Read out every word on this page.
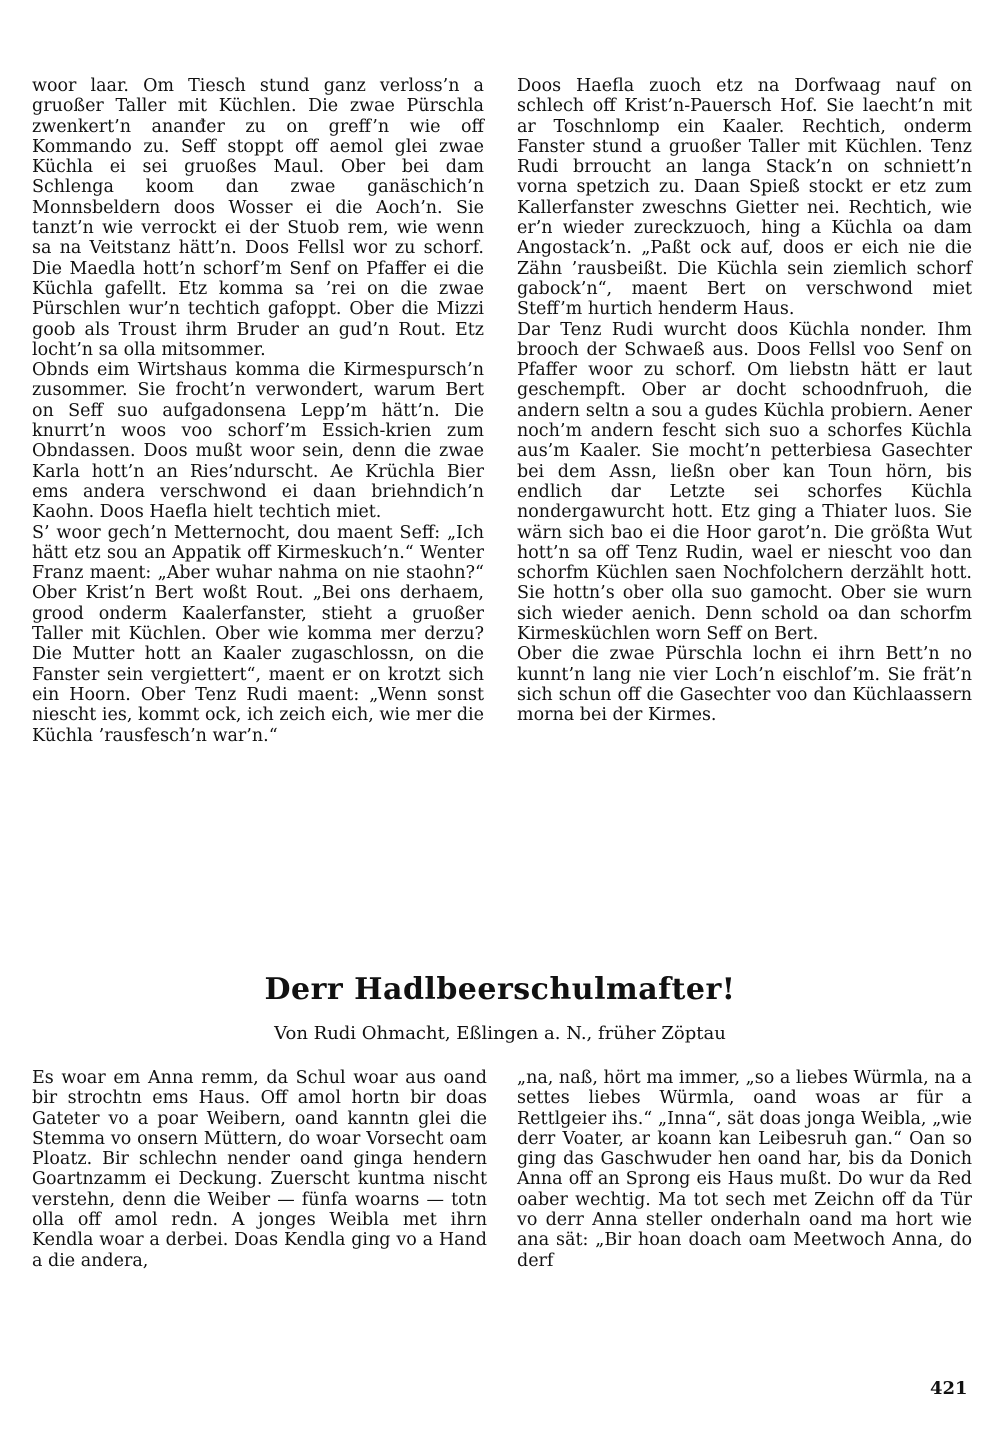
woor laar. Om Tiesch stund ganz verloss’n a gruoßer Taller mit Küchlen. Die zwae Pürschla zwenkert’n ananđer zu on greff’n wie off Kommando zu. Seff stoppt off aemol glei zwae Küchla ei sei gruoßes Maul. Ober bei dam Schlenga koom dan zwae ganäschich’n Monnsbeldern doos Wosser ei die Aoch’n. Sie tanzt’n wie verrockt ei der Stuob rem, wie wenn sa na Veitstanz hätt’n. Doos Fellsl wor zu schorf. Die Maedla hott’n schorf’m Senf on Pfaffer ei die Küchla gafellt. Etz komma sa ’rei on die zwae Pürschlen wur’n techtich gafoppt. Ober die Mizzi goob als Troust ihrm Bruder an gud’n Rout. Etz locht’n sa olla mitsommer.

Obnds eim Wirtshaus komma die Kirmespursch’n zusommer. Sie frocht’n verwondert, warum Bert on Seff suo aufgadonsena Lepp’m hätt’n. Die knurrt’n woos voo schorf’m Essich-krien zum Obndassen. Doos mußt woor sein, denn die zwae Karla hott’n an Ries’ndurscht. Ae Krüchla Bier ems andera verschwond ei daan briehndich’n Kaohn. Doos Haefla hielt techtich miet.

S’ woor gech’n Metternocht, dou maent Seff: „Ich hätt etz sou an Appatik off Kirmeskuch’n.“ Wenter Franz maent: „Aber wuhar nahma on nie staohn?“ Ober Krist’n Bert woßt Rout. „Bei ons derhaem, grood onderm Kaalerfanster, stieht a gruoßer Taller mit Küchlen. Ober wie komma mer derzu? Die Mutter hott an Kaaler zugaschlossn, on die Fanster sein vergiettert“, maent er on krotzt sich ein Hoorn. Ober Tenz Rudi maent: „Wenn sonst niescht ies, kommt ock, ich zeich eich, wie mer die Küchla ’rausfesch’n war’n.“

Doos Haefla zuoch etz na Dorfwaag nauf on schlech off Krist’n-Pauersch Hof. Sie laecht’n mit ar Toschnlomp ein Kaaler. Rechtich, onderm Fanster stund a gruoßer Taller mit Küchlen. Tenz Rudi brroucht an langa Stack’n on schniett’n vorna spetzich zu. Daan Spieß stockt er etz zum Kallerfanster zweschns Gietter nei. Rechtich, wie er’n wieder zureckzuoch, hing a Küchla oa dam Angostack’n. „Paßt ock auf, doos er eich nie die Zähn ’rausbeißt. Die Küchla sein ziemlich schorf gabock’n“, maent Bert on verschwond miet Steff’m hurtich henderm Haus.

Dar Tenz Rudi wurcht doos Küchla nonder. Ihm brooch der Schwaeß aus. Doos Fellsl voo Senf on Pfaffer woor zu schorf. Om liebstn hätt er laut geschempft. Ober ar docht schoodnfruoh, die andern seltn a sou a gudes Küchla probiern. Aener noch’m andern fescht sich suo a schorfes Küchla aus’m Kaaler. Sie mocht’n petterbiesa Gasechter bei dem Assn, ließn ober kan Toun hörn, bis endlich dar Letzte sei schorfes Küchla nondergawurcht hott. Etz ging a Thiater luos. Sie wärn sich bao ei die Hoor garot’n. Die größta Wut hott’n sa off Tenz Rudin, wael er niescht voo dan schorfm Küchlen saen Nochfolchern derzählt hott. Sie hottn’s ober olla suo gamocht. Ober sie wurn sich wieder aenich. Denn schold oa dan schorfm Kirmesküchlen worn Seff on Bert.

Ober die zwae Pürschla lochn ei ihrn Bett’n no kunnt’n lang nie vier Loch’n eischlof’m. Sie frät’n sich schun off die Gasechter voo dan Küchlaassern morna bei der Kirmes.

Derr Hadlbeerschulmafter!
Von Rudi Ohmacht, Eßlingen a. N., früher Zöptau

Es woar em Anna remm, da Schul woar aus oand bir strochtn ems Haus. Off amol hortn bir doas Gateter vo a poar Weibern, oand kanntn glei die Stemma vo onsern Müttern, do woar Vorsecht oam Ploatz. Bir schlechn nender oand ginga hendern Goartnzamm ei Deckung. Zuerscht kuntma nischt verstehn, denn die Weiber — fünfa woarns — totn olla off amol redn. A jonges Weibla met ihrn Kendla woar a derbei. Doas Kendla ging vo a Hand a die andera,

„na, naß, hört ma immer, „so a liebes Würmla, na a settes liebes Würmla, oand woas ar für a Rettlgeier ihs.“ „Inna“, sät doas jonga Weibla, „wie derr Voater, ar koann kan Leibesruh gan.“ Oan so ging das Gaschwuder hen oand har, bis da Donich Anna off an Sprong eis Haus mußt. Do wur da Red oaber wechtig. Ma tot sech met Zeichn off da Tür vo derr Anna steller onderhaln oand ma hort wie ana sät: „Bir hoan doach oam Meetwoch Anna, do derf

421
